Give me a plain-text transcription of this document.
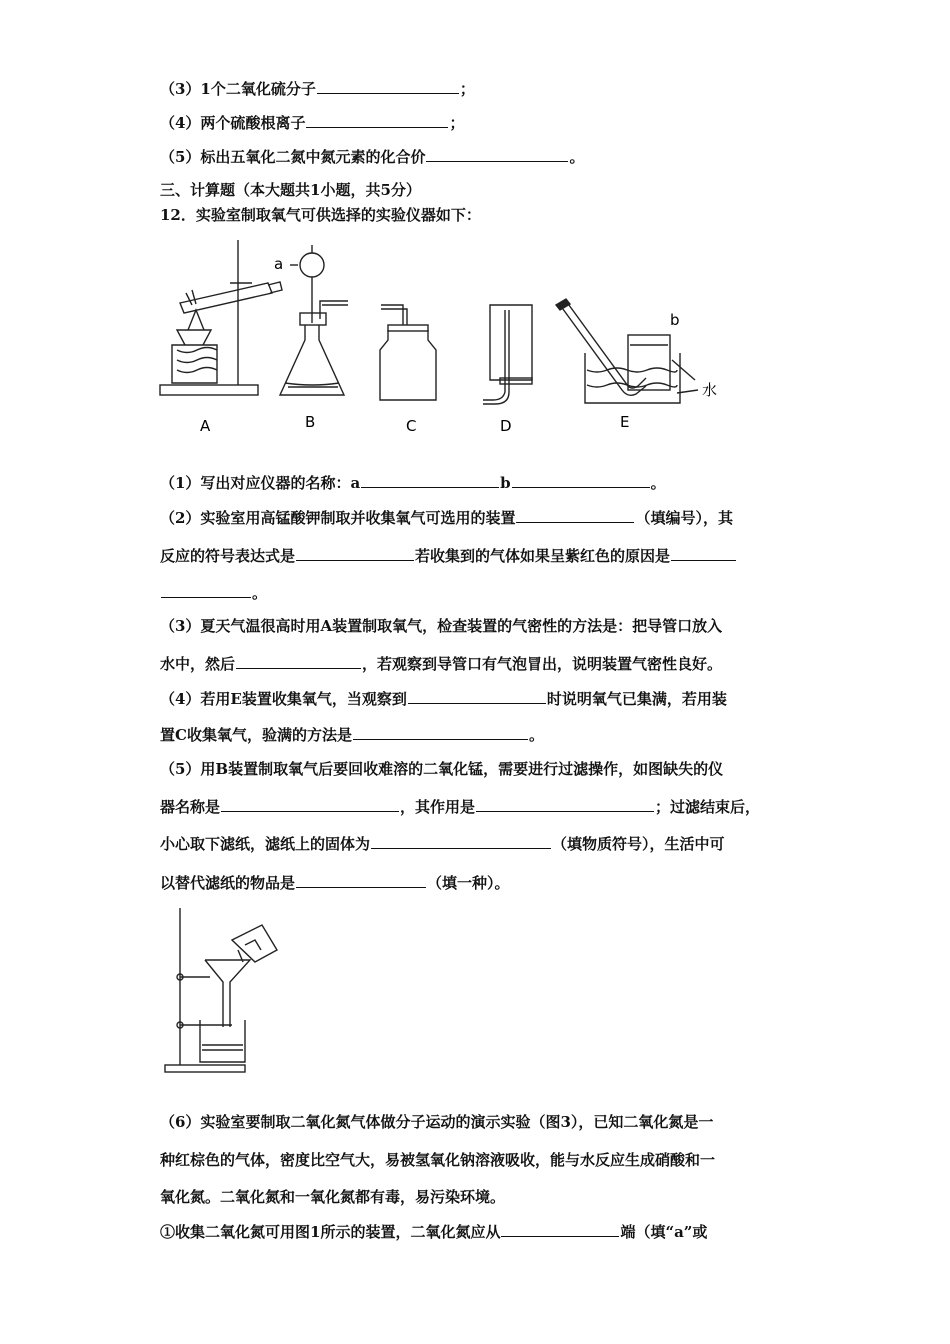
（3）1个二氧化硫分子	；
（4）两个硫酸根离子	；
（5）标出五氧化二氮中氮元素的化合价	。
三、计算题（本大题共1小题，共5分）
12．实验室制取氧气可供选择的实验仪器如下：
A	B	C	D	E
a
b
水
（1）写出对应仪器的名称：a	b	。
（2）实验室用高锰酸钾制取并收集氧气可选用的装置	（填编号），其
反应的符号表达式是	若收集到的气体如果呈紫红色的原因是
。
（3）夏天气温很高时用A装置制取氧气，检查装置的气密性的方法是：把导管口放入
水中，然后	，若观察到导管口有气泡冒出，说明装置气密性良好。
（4）若用E装置收集氧气，当观察到	时说明氧气已集满，若用装
置C收集氧气，验满的方法是	。
（5）用B装置制取氧气后要回收难溶的二氧化锰，需要进行过滤操作，如图缺失的仪
器名称是	，其作用是	；过滤结束后，
小心取下滤纸，滤纸上的固体为	（填物质符号），生活中可
以替代滤纸的物品是	（填一种）。
（6）实验室要制取二氧化氮气体做分子运动的演示实验（图3），已知二氧化氮是一
种红棕色的气体，密度比空气大，易被氢氧化钠溶液吸收，能与水反应生成硝酸和一
氧化氮。二氧化氮和一氧化氮都有毒，易污染环境。
①收集二氧化氮可用图1所示的装置，二氧化氮应从	端（填“a”或
